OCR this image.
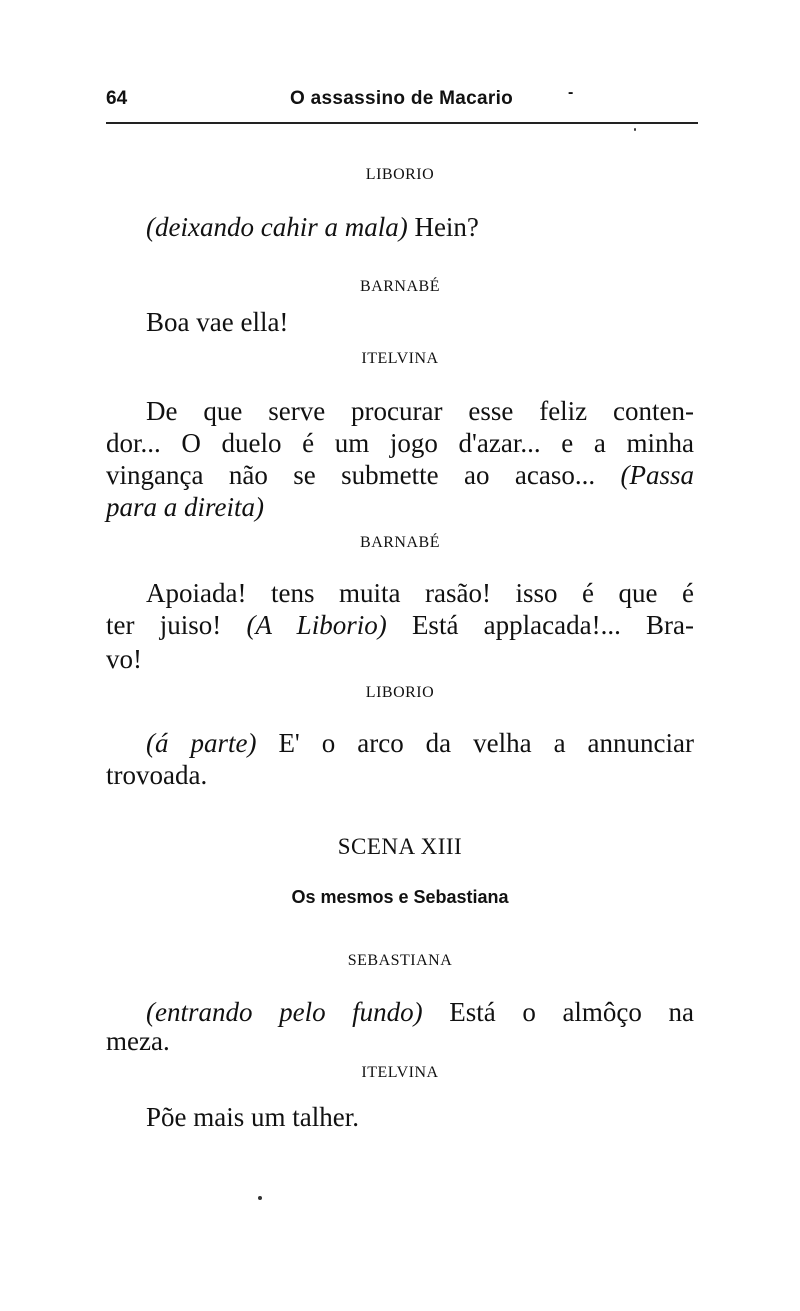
64	O assassino de Macario	-
LIBORIO
(deixando cahir a mala) Hein?
BARNABÉ
Boa vae ella!
ITELVINA
De que serve procurar esse feliz conten-
dor... O duelo é um jogo d'azar... e a minha
vingança não se submette ao acaso... (Passa
para a direita)
BARNABÉ
Apoiada! tens muita rasão! isso é que é
ter juiso! (A Liborio) Está applacada!... Bra-
vo!
LIBORIO
(á parte) E' o arco da velha a annunciar
trovoada.
SCENA XIII
Os mesmos e Sebastiana
SEBASTIANA
(entrando pelo fundo) Está o almôço na
meza.
ITELVINA
Põe mais um talher.
